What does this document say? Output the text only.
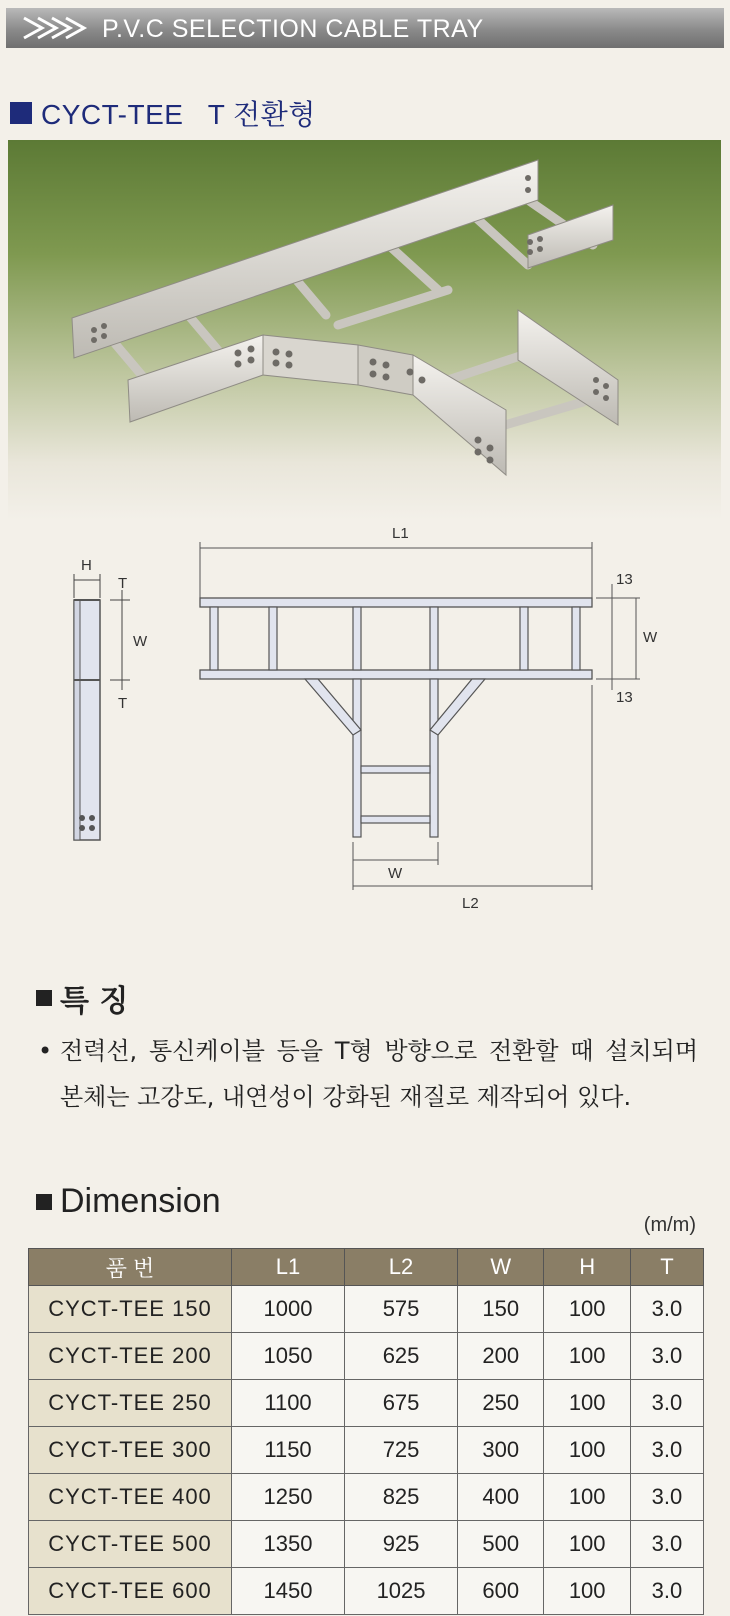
P.V.C SELECTION CABLE TRAY
CYCT-TEE   T 전환형
H
W
T
T
L1
13
W
13
W
L2
특 징
• 전력선, 통신케이블 등을 T형 방향으로 전환할 때 설치되며 본체는 고강도, 내연성이 강화된 재질로 제작되어 있다.
Dimension
(m/m)
품 번	L1	L2	W	H	T
CYCT-TEE 150	1000	575	150	100	3.0
CYCT-TEE 200	1050	625	200	100	3.0
CYCT-TEE 250	1100	675	250	100	3.0
CYCT-TEE 300	1150	725	300	100	3.0
CYCT-TEE 400	1250	825	400	100	3.0
CYCT-TEE 500	1350	925	500	100	3.0
CYCT-TEE 600	1450	1025	600	100	3.0
